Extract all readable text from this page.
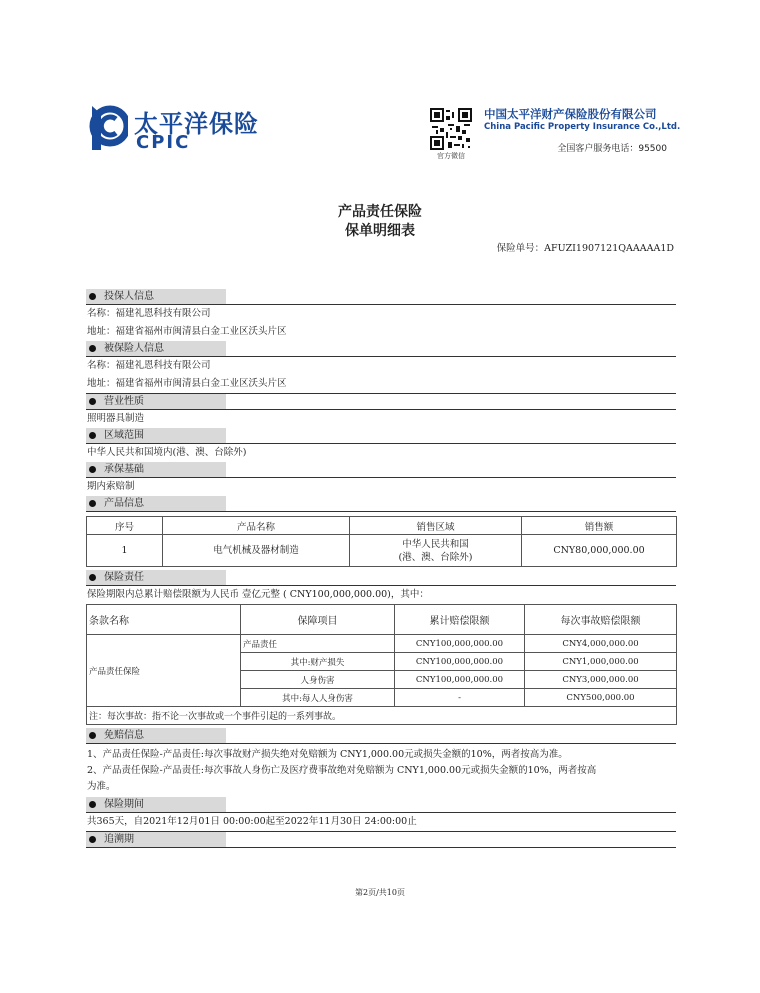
太平洋保险
CPIC
官方微信
中国太平洋财产保险股份有限公司
China Pacific Property Insurance Co.,Ltd.
全国客户服务电话：95500
产品责任保险
保单明细表
保险单号：AFUZI1907121QAAAAA1D
投保人信息
名称：福建礼恩科技有限公司
地址：福建省福州市闽清县白金工业区沃头片区
被保险人信息
名称：福建礼恩科技有限公司
地址：福建省福州市闽清县白金工业区沃头片区
营业性质
照明器具制造
区域范围
中华人民共和国境内(港、澳、台除外)
承保基础
期内索赔制
产品信息
序号	产品名称	销售区域	销售额
1	电气机械及器材制造	中华人民共和国
(港、澳、台除外)	CNY80,000,000.00
保险责任
保险期限内总累计赔偿限额为人民币 壹亿元整 ( CNY100,000,000.00)，其中：
条款名称	保障项目	累计赔偿限额	每次事故赔偿限额
产品责任保险	产品责任	CNY100,000,000.00	CNY4,000,000.00
	其中:财产损失	CNY100,000,000.00	CNY1,000,000.00
	人身伤害	CNY100,000,000.00	CNY3,000,000.00
	其中:每人人身伤害	-	CNY500,000.00
注：每次事故：指不论一次事故或一个事件引起的一系列事故。			
免赔信息
1、产品责任保险-产品责任:每次事故财产损失绝对免赔额为 CNY1,000.00元或损失金额的10%，两者按高为准。
2、产品责任保险-产品责任:每次事故人身伤亡及医疗费事故绝对免赔额为 CNY1,000.00元或损失金额的10%，两者按高
为准。
保险期间
共365天，自2021年12月01日 00:00:00起至2022年11月30日 24:00:00止
追溯期
第2页/共10页
